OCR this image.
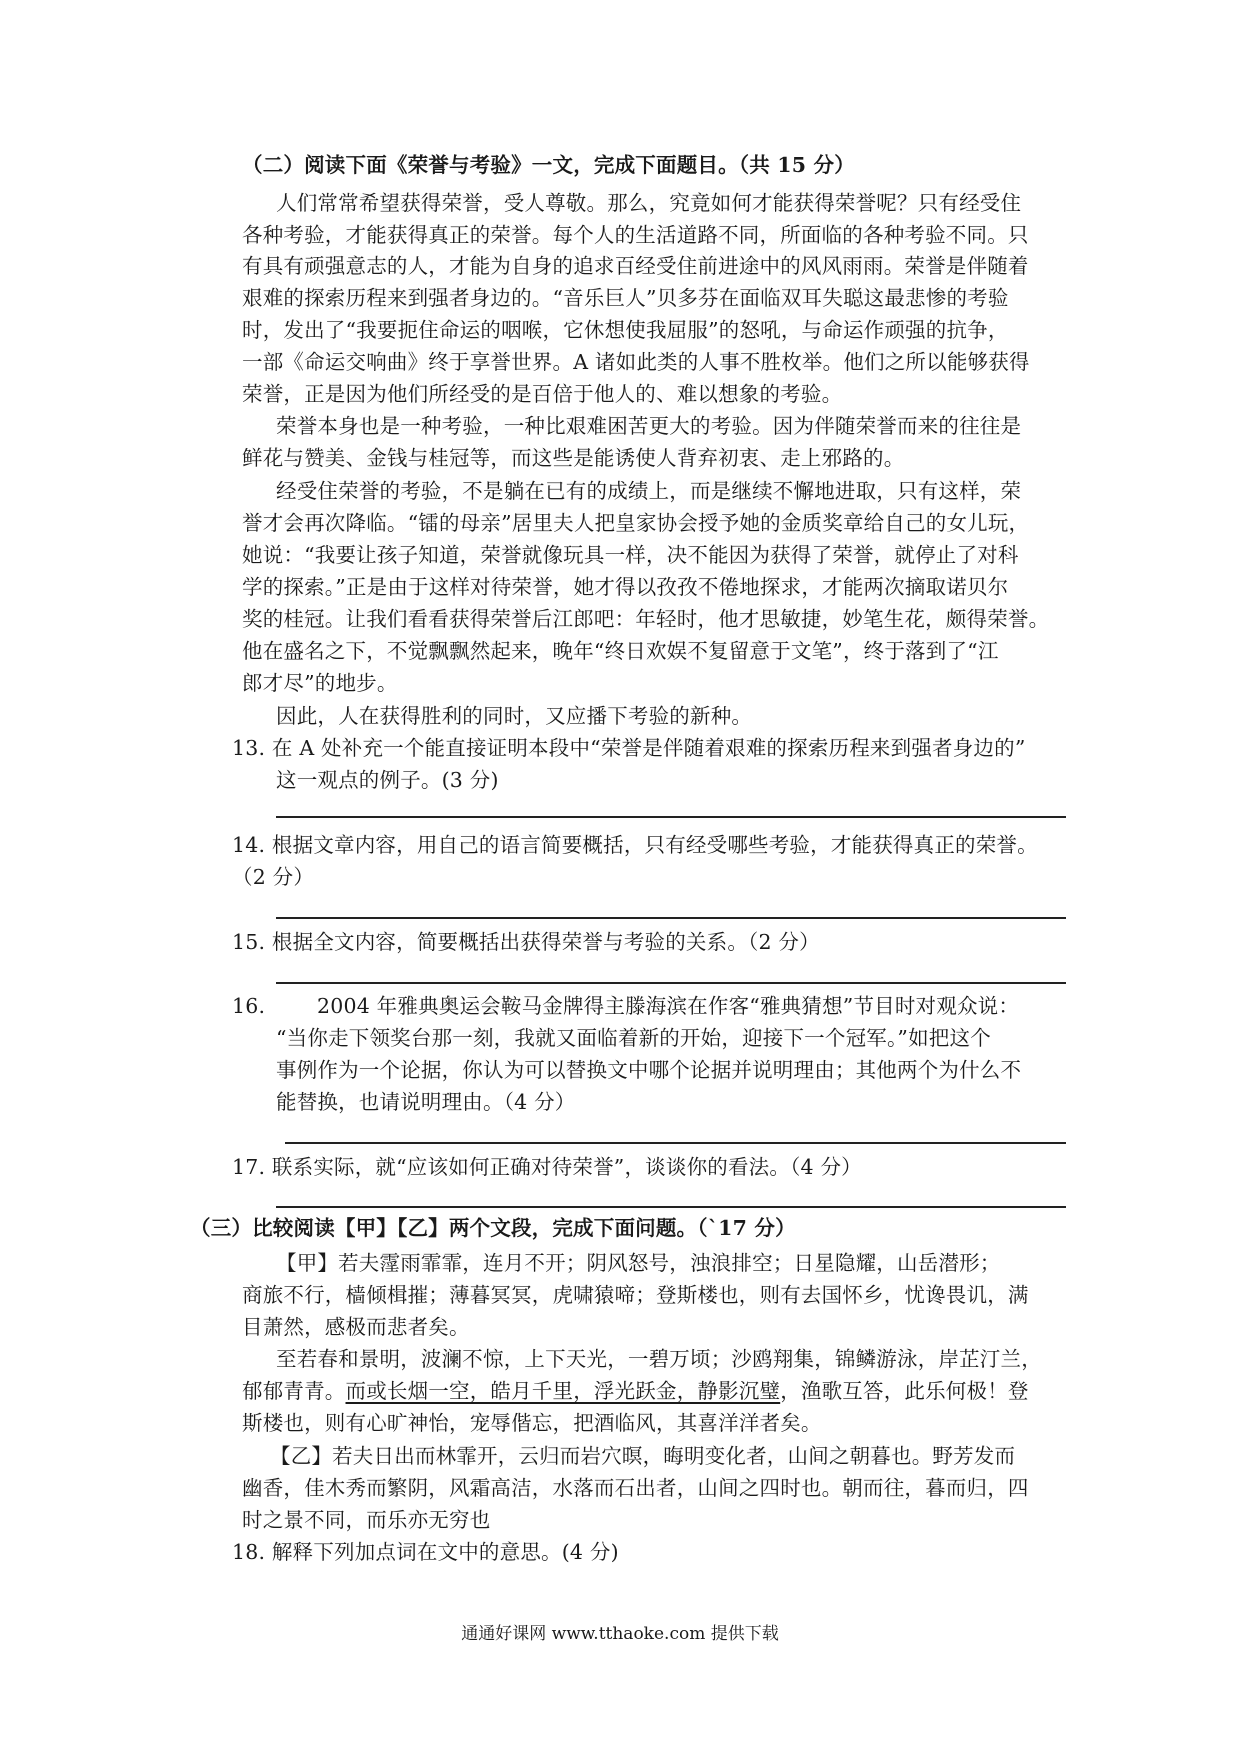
（二）阅读下面《荣誉与考验》一文，完成下面题目。（共 15 分）
人们常常希望获得荣誉，受人尊敬。那么，究竟如何才能获得荣誉呢？只有经受住
各种考验，才能获得真正的荣誉。每个人的生活道路不同，所面临的各种考验不同。只
有具有顽强意志的人，才能为自身的追求百经受住前进途中的风风雨雨。荣誉是伴随着
艰难的探索历程来到强者身边的。“音乐巨人”贝多芬在面临双耳失聪这最悲惨的考验
时，发出了“我要扼住命运的咽喉，它休想使我屈服”的怒吼，与命运作顽强的抗争，
一部《命运交响曲》终于享誉世界。A 诸如此类的人事不胜枚举。他们之所以能够获得
荣誉，正是因为他们所经受的是百倍于他人的、难以想象的考验。
荣誉本身也是一种考验，一种比艰难困苦更大的考验。因为伴随荣誉而来的往往是
鲜花与赞美、金钱与桂冠等，而这些是能诱使人背弃初衷、走上邪路的。
经受住荣誉的考验，不是躺在已有的成绩上，而是继续不懈地进取，只有这样，荣
誉才会再次降临。“镭的母亲”居里夫人把皇家协会授予她的金质奖章给自己的女儿玩，
她说：“我要让孩子知道，荣誉就像玩具一样，决不能因为获得了荣誉，就停止了对科
学的探索。”正是由于这样对待荣誉，她才得以孜孜不倦地探求，才能两次摘取诺贝尔
奖的桂冠。让我们看看获得荣誉后江郎吧：年轻时，他才思敏捷，妙笔生花，颇得荣誉。
他在盛名之下，不觉飘飘然起来，晚年“终日欢娱不复留意于文笔”，终于落到了“江
郎才尽”的地步。
因此，人在获得胜利的同时，又应播下考验的新种。
13. 在 A 处补充一个能直接证明本段中“荣誉是伴随着艰难的探索历程来到强者身边的”
这一观点的例子。(3 分)
14. 根据文章内容，用自己的语言简要概括，只有经受哪些考验，才能获得真正的荣誉。
（2 分）
15. 根据全文内容，简要概括出获得荣誉与考验的关系。（2 分）
16.	2004 年雅典奥运会鞍马金牌得主滕海滨在作客“雅典猜想”节目时对观众说：
“当你走下领奖台那一刻，我就又面临着新的开始，迎接下一个冠军。”如把这个
事例作为一个论据，你认为可以替换文中哪个论据并说明理由；其他两个为什么不
能替换，也请说明理由。（4 分）
17. 联系实际，就“应该如何正确对待荣誉”，谈谈你的看法。（4 分）
（三）比较阅读【甲】【乙】两个文段，完成下面问题。（`17 分）
【甲】若夫霪雨霏霏，连月不开；阴风怒号，浊浪排空；日星隐耀，山岳潜形；
商旅不行，樯倾楫摧；薄暮冥冥，虎啸猿啼；登斯楼也，则有去国怀乡，忧谗畏讥，满
目萧然，感极而悲者矣。
至若春和景明，波澜不惊，上下天光，一碧万顷；沙鸥翔集，锦鳞游泳，岸芷汀兰，
郁郁青青。而或长烟一空，皓月千里，浮光跃金，静影沉璧，渔歌互答，此乐何极！登
斯楼也，则有心旷神怡，宠辱偕忘，把酒临风，其喜洋洋者矣。
【乙】若夫日出而林霏开，云归而岩穴暝，晦明变化者，山间之朝暮也。野芳发而
幽香，佳木秀而繁阴，风霜高洁，水落而石出者，山间之四时也。朝而往，暮而归，四
时之景不同，而乐亦无穷也
18. 解释下列加点词在文中的意思。(4 分)
通通好课网 www.tthaoke.com 提供下载
